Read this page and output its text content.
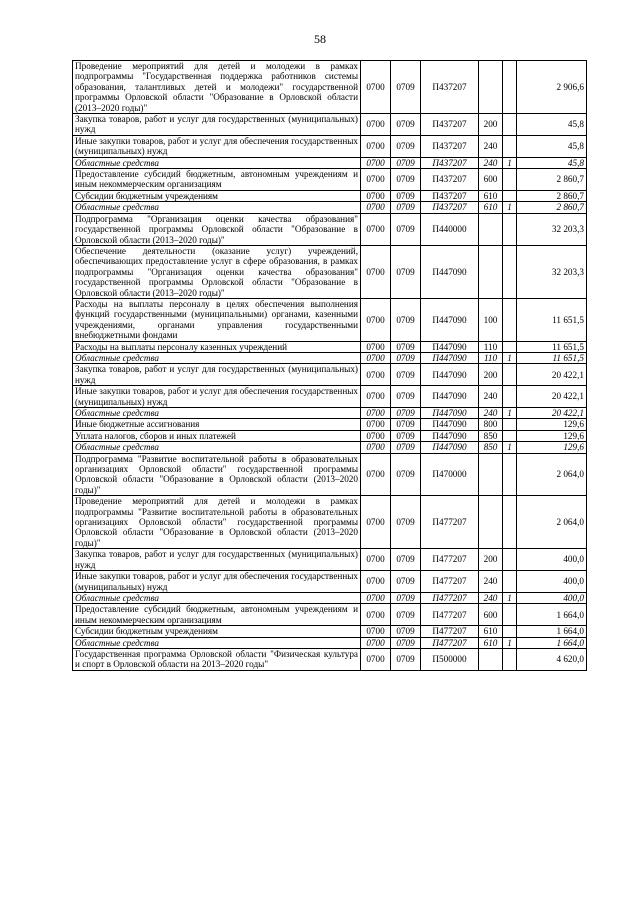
58
Проведение мероприятий для детей и молодежи в рамках подпрограммы "Государственная поддержка работников системы образования, талантливых детей и молодежи" государственной программы Орловской области "Образование в Орловской области (2013–2020 годы)"	0700	0709	П437207			2 906,6
Закупка товаров, работ и услуг для государственных (муниципальных) нужд	0700	0709	П437207	200		45,8
Иные закупки товаров, работ и услуг для обеспечения государственных (муниципальных) нужд	0700	0709	П437207	240		45,8
Областные средства	0700	0709	П437207	240	1	45,8
Предоставление субсидий бюджетным, автономным учреждениям и иным некоммерческим организациям	0700	0709	П437207	600		2 860,7
Субсидии бюджетным учреждениям	0700	0709	П437207	610		2 860,7
Областные средства	0700	0709	П437207	610	1	2 860,7
Подпрограмма "Организация оценки качества образования" государственной программы Орловской области "Образование в Орловской области (2013–2020 годы)"	0700	0709	П440000			32 203,3
Обеспечение деятельности (оказание услуг) учреждений, обеспечивающих предоставление услуг в сфере образования, в рамках подпрограммы "Организация оценки качества образования" государственной программы Орловской области "Образование в Орловской области (2013–2020 годы)"	0700	0709	П447090			32 203,3
Расходы на выплаты персоналу в целях обеспечения выполнения функций государственными (муниципальными) органами, казенными учреждениями, органами управления государственными внебюджетными фондами	0700	0709	П447090	100		11 651,5
Расходы на выплаты персоналу казенных учреждений	0700	0709	П447090	110		11 651,5
Областные средства	0700	0709	П447090	110	1	11 651,5
Закупка товаров, работ и услуг для государственных (муниципальных) нужд	0700	0709	П447090	200		20 422,1
Иные закупки товаров, работ и услуг для обеспечения государственных (муниципальных) нужд	0700	0709	П447090	240		20 422,1
Областные средства	0700	0709	П447090	240	1	20 422,1
Иные бюджетные ассигнования	0700	0709	П447090	800		129,6
Уплата налогов, сборов и иных платежей	0700	0709	П447090	850		129,6
Областные средства	0700	0709	П447090	850	1	129,6
Подпрограмма "Развитие воспитательной работы в образовательных организациях Орловской области" государственной программы Орловской области "Образование в Орловской области (2013–2020 годы)"	0700	0709	П470000			2 064,0
Проведение мероприятий для детей и молодежи в рамках подпрограммы "Развитие воспитательной работы в образовательных организациях Орловской области" государственной программы Орловской области "Образование в Орловской области (2013–2020 годы)"	0700	0709	П477207			2 064,0
Закупка товаров, работ и услуг для государственных (муниципальных) нужд	0700	0709	П477207	200		400,0
Иные закупки товаров, работ и услуг для обеспечения государственных (муниципальных) нужд	0700	0709	П477207	240		400,0
Областные средства	0700	0709	П477207	240	1	400,0
Предоставление субсидий бюджетным, автономным учреждениям и иным некоммерческим организациям	0700	0709	П477207	600		1 664,0
Субсидии бюджетным учреждениям	0700	0709	П477207	610		1 664,0
Областные средства	0700	0709	П477207	610	1	1 664,0
Государственная программа Орловской области "Физическая культура и спорт в Орловской области на 2013–2020 годы"	0700	0709	П500000			4 620,0
